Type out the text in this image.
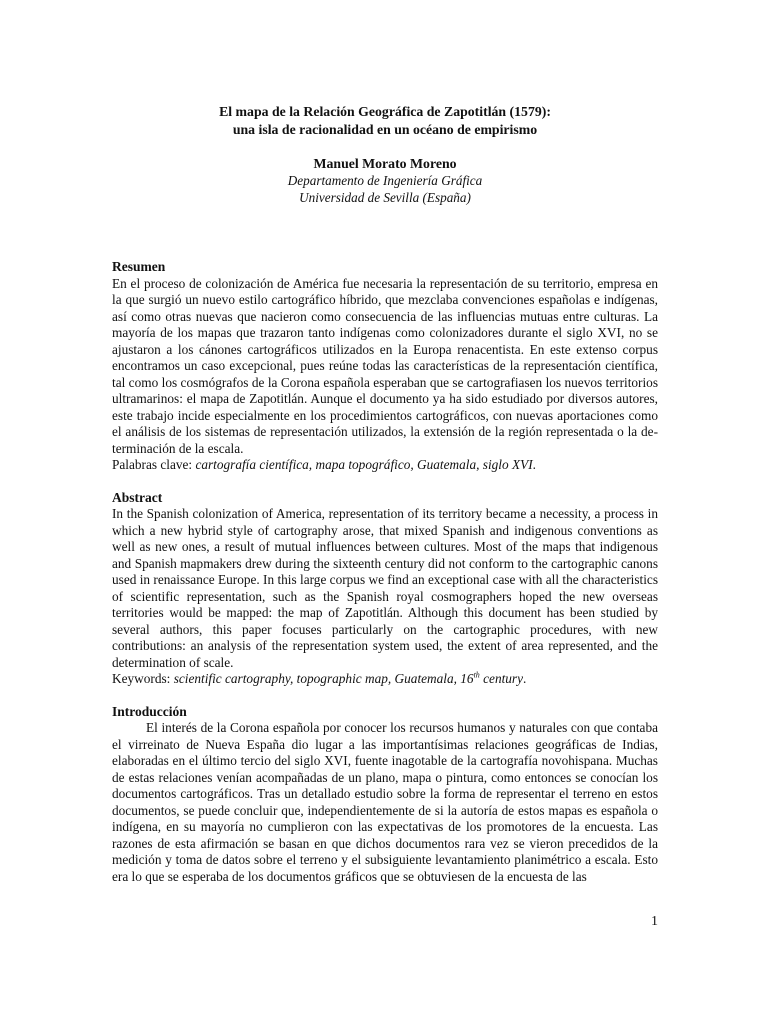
El mapa de la Relación Geográfica de Zapotitlán (1579):
una isla de racionalidad en un océano de empirismo

Manuel Morato Moreno
Departamento de Ingeniería Gráfica
Universidad de Sevilla (España)

Resumen

En el proceso de colonización de América fue necesaria la representación de su territorio, empresa en la que surgió un nuevo estilo cartográfico híbrido, que mezclaba convenciones españolas e indígenas, así como otras nuevas que nacieron como consecuencia de las influencias mutuas entre culturas. La mayoría de los mapas que trazaron tanto indígenas como colonizadores durante el siglo XVI, no se ajustaron a los cánones cartográficos utilizados en la Europa renacentista. En este extenso corpus encontramos un caso excepcional, pues reúne todas las características de la representación científica, tal como los cosmógrafos de la Corona española esperaban que se cartografiasen los nuevos territorios ultramarinos: el mapa de Zapotitlán. Aunque el documento ya ha sido estudiado por diversos autores, este trabajo incide especialmente en los procedimientos cartográficos, con nuevas aportaciones como el análisis de los sistemas de representación utilizados, la extensión de la región representada o la determinación de la escala.

Palabras clave: cartografía científica, mapa topográfico, Guatemala, siglo XVI.

Abstract

In the Spanish colonization of America, representation of its territory became a necessity, a process in which a new hybrid style of cartography arose, that mixed Spanish and indigenous conventions as well as new ones, a result of mutual influences between cultures. Most of the maps that indigenous and Spanish mapmakers drew during the sixteenth century did not conform to the cartographic canons used in renaissance Europe. In this large corpus we find an exceptional case with all the characteristics of scientific representation, such as the Spanish royal cosmographers hoped the new overseas territories would be mapped: the map of Zapotitlán. Although this document has been studied by several authors, this paper focuses particularly on the cartographic procedures, with new contributions: an analysis of the representation system used, the extent of area represented, and the determination of scale.

Keywords: scientific cartography, topographic map, Guatemala, 16th century.

Introducción

El interés de la Corona española por conocer los recursos humanos y naturales con que contaba el virreinato de Nueva España dio lugar a las importantísimas relaciones geográficas de Indias, elaboradas en el último tercio del siglo XVI, fuente inagotable de la cartografía novohispana. Muchas de estas relaciones venían acompañadas de un plano, mapa o pintura, como entonces se conocían los documentos cartográficos. Tras un detallado estudio sobre la forma de representar el terreno en estos documentos, se puede concluir que, independientemente de si la autoría de estos mapas es española o indígena, en su mayoría no cumplieron con las expectativas de los promotores de la encuesta. Las razones de esta afirmación se basan en que dichos documentos rara vez se vieron precedidos de la medición y toma de datos sobre el terreno y el subsiguiente levantamiento planimétrico a escala. Esto era lo que se esperaba de los documentos gráficos que se obtuviesen de la encuesta de las

1
